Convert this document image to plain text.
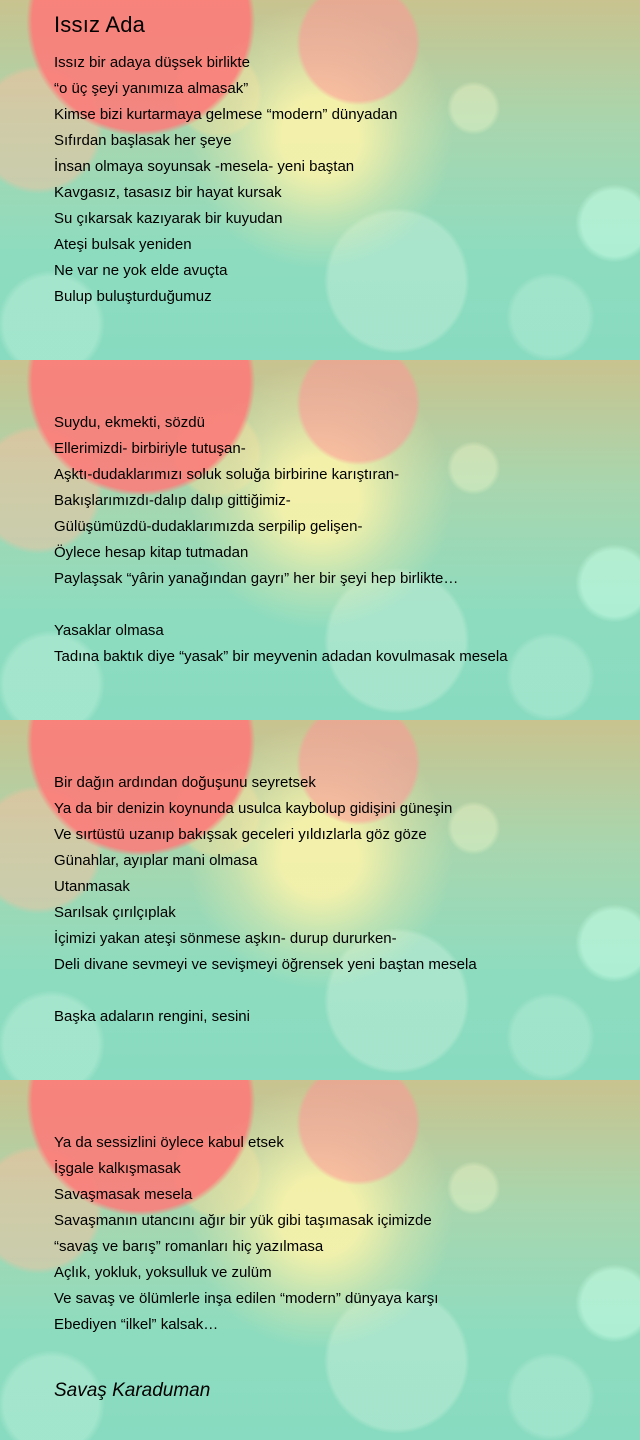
Issız Ada
Issız bir adaya düşsek birlikte
“o üç şeyi yanımıza almasak”
Kimse bizi kurtarmaya gelmese “modern” dünyadan
Sıfırdan başlasak her şeye
İnsan olmaya soyunsak -mesela- yeni baştan
Kavgasız, tasasız bir hayat kursak
Su çıkarsak kazıyarak bir kuyudan
Ateşi bulsak yeniden
Ne var ne yok elde avuçta
Bulup buluşturduğumuz
Suydu, ekmekti, sözdü
Ellerimizdi- birbiriyle tutuşan-
Aşktı-dudaklarımızı soluk soluğa birbirine karıştıran-
Bakışlarımızdı-dalıp dalıp gittiğimiz-
Gülüşümüzdü-dudaklarımızda serpilip gelişen-
Öylece hesap kitap tutmadan
Paylaşsak “yârin yanağından gayrı” her bir şeyi hep birlikte…
Yasaklar olmasa
Tadına baktık diye “yasak” bir meyvenin adadan kovulmasak mesela
Bir dağın ardından doğuşunu seyretsek
Ya da bir denizin koynunda usulca kaybolup gidişini güneşin
Ve sırtüstü uzanıp bakışsak geceleri yıldızlarla göz göze
Günahlar, ayıplar mani olmasa
Utanmasak
Sarılsak çırılçıplak
İçimizi yakan ateşi sönmese aşkın- durup dururken-
Deli divane sevmeyi ve sevişmeyi öğrensek yeni baştan mesela
Başka adaların rengini, sesini
Ya da sessizlini öylece kabul etsek
İşgale kalkışmasak
Savaşmasak mesela
Savaşmanın utancını ağır bir yük gibi taşımasak içimizde
“savaş ve barış” romanları hiç yazılmasa
Açlık, yokluk, yoksulluk ve zulüm
Ve savaş ve ölümlerle inşa edilen “modern” dünyaya karşı
Ebediyen “ilkel” kalsak…
Savaş Karaduman
